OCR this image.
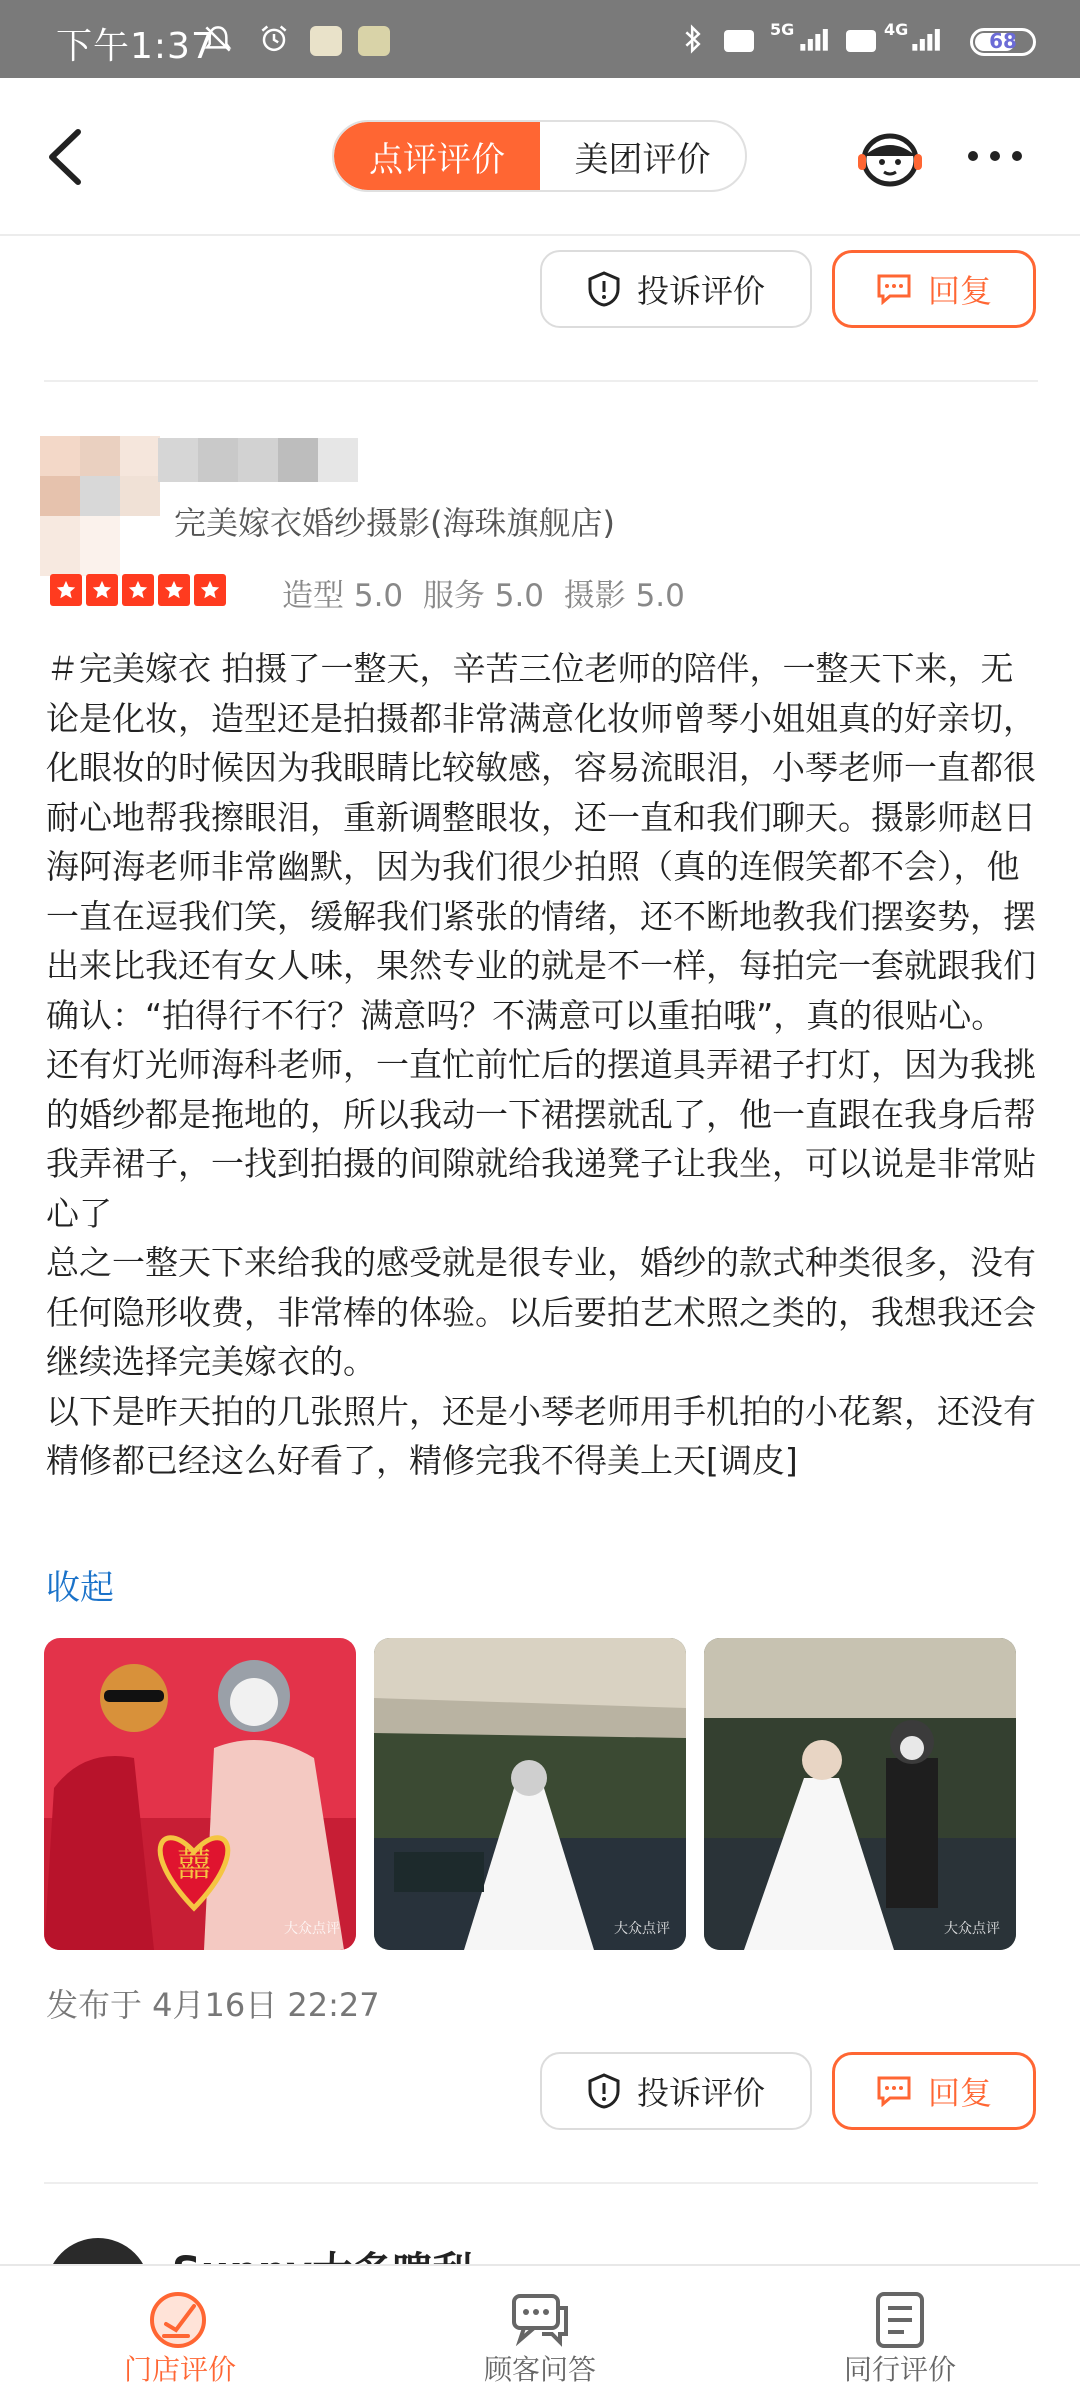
下午1:37	5G	4G	68
点评评价	美团评价
投诉评价	回复
完美嫁衣婚纱摄影(海珠旗舰店)
造型 5.0  服务 5.0  摄影 5.0

＃完美嫁衣 拍摄了一整天，辛苦三位老师的陪伴，一整天下来，无论是化妆，造型还是拍摄都非常满意化妆师曾琴小姐姐真的好亲切，化眼妆的时候因为我眼睛比较敏感，容易流眼泪，小琴老师一直都很耐心地帮我擦眼泪，重新调整眼妆，还一直和我们聊天。摄影师赵日海阿海老师非常幽默，因为我们很少拍照（真的连假笑都不会），他一直在逗我们笑，缓解我们紧张的情绪，还不断地教我们摆姿势，摆出来比我还有女人味，果然专业的就是不一样，每拍完一套就跟我们确认：“拍得行不行？满意吗？不满意可以重拍哦”，真的很贴心。还有灯光师海科老师，一直忙前忙后的摆道具弄裙子打灯，因为我挑的婚纱都是拖地的，所以我动一下裙摆就乱了，他一直跟在我身后帮我弄裙子，一找到拍摄的间隙就给我递凳子让我坐，可以说是非常贴心了

总之一整天下来给我的感受就是很专业，婚纱的款式种类很多，没有任何隐形收费，非常棒的体验。以后要拍艺术照之类的，我想我还会继续选择完美嫁衣的。

以下是昨天拍的几张照片，还是小琴老师用手机拍的小花絮，还没有精修都已经这么好看了，精修完我不得美上天[调皮]

收起
囍
大众点评	大众点评	大众点评
发布于 4月16日 22:27
投诉评价	回复
门店评价	顾客问答	同行评价
